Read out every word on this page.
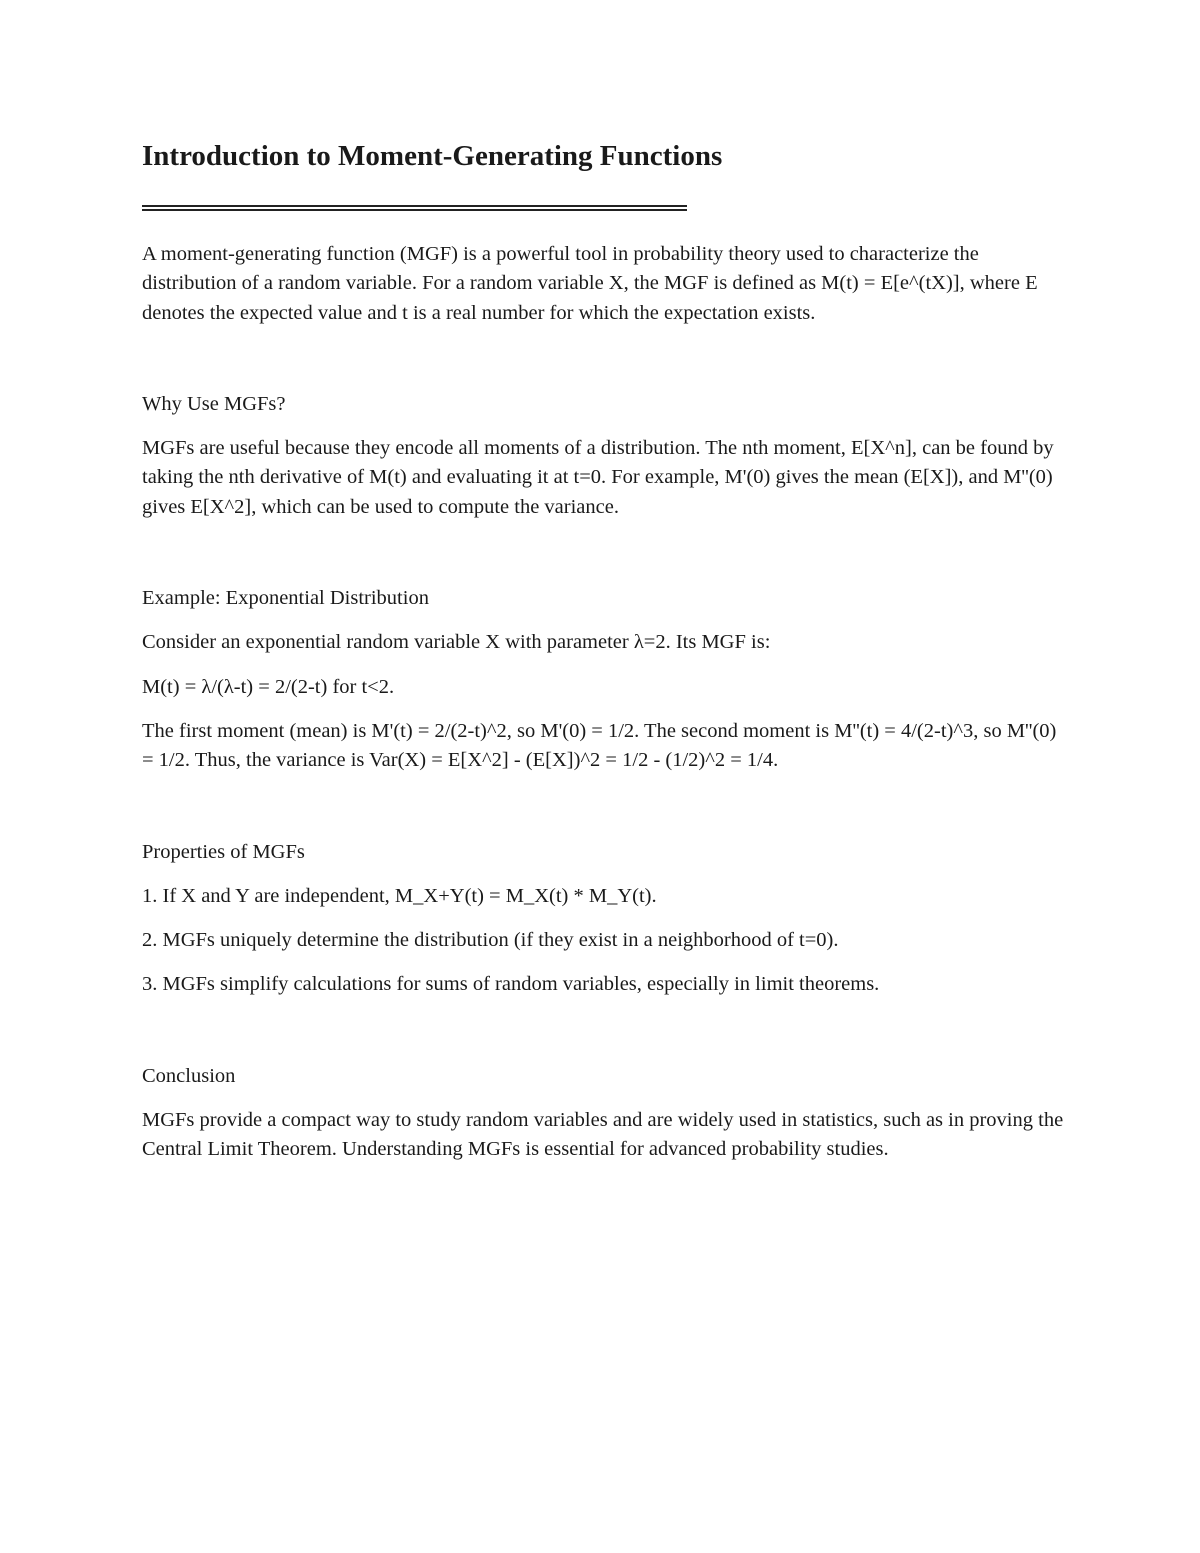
Introduction to Moment-Generating Functions

A moment-generating function (MGF) is a powerful tool in probability theory used to characterize the distribution of a random variable. For a random variable X, the MGF is defined as M(t) = E[e^(tX)], where E denotes the expected value and t is a real number for which the expectation exists.

Why Use MGFs?

MGFs are useful because they encode all moments of a distribution. The nth moment, E[X^n], can be found by taking the nth derivative of M(t) and evaluating it at t=0. For example, M'(0) gives the mean (E[X]), and M''(0) gives E[X^2], which can be used to compute the variance.

Example: Exponential Distribution

Consider an exponential random variable X with parameter λ=2. Its MGF is:

M(t) = λ/(λ-t) = 2/(2-t) for t<2.

The first moment (mean) is M'(t) = 2/(2-t)^2, so M'(0) = 1/2. The second moment is M''(t) = 4/(2-t)^3, so M''(0) = 1/2. Thus, the variance is Var(X) = E[X^2] - (E[X])^2 = 1/2 - (1/2)^2 = 1/4.

Properties of MGFs

1. If X and Y are independent, M_X+Y(t) = M_X(t) * M_Y(t).

2. MGFs uniquely determine the distribution (if they exist in a neighborhood of t=0).

3. MGFs simplify calculations for sums of random variables, especially in limit theorems.

Conclusion

MGFs provide a compact way to study random variables and are widely used in statistics, such as in proving the Central Limit Theorem. Understanding MGFs is essential for advanced probability studies.
